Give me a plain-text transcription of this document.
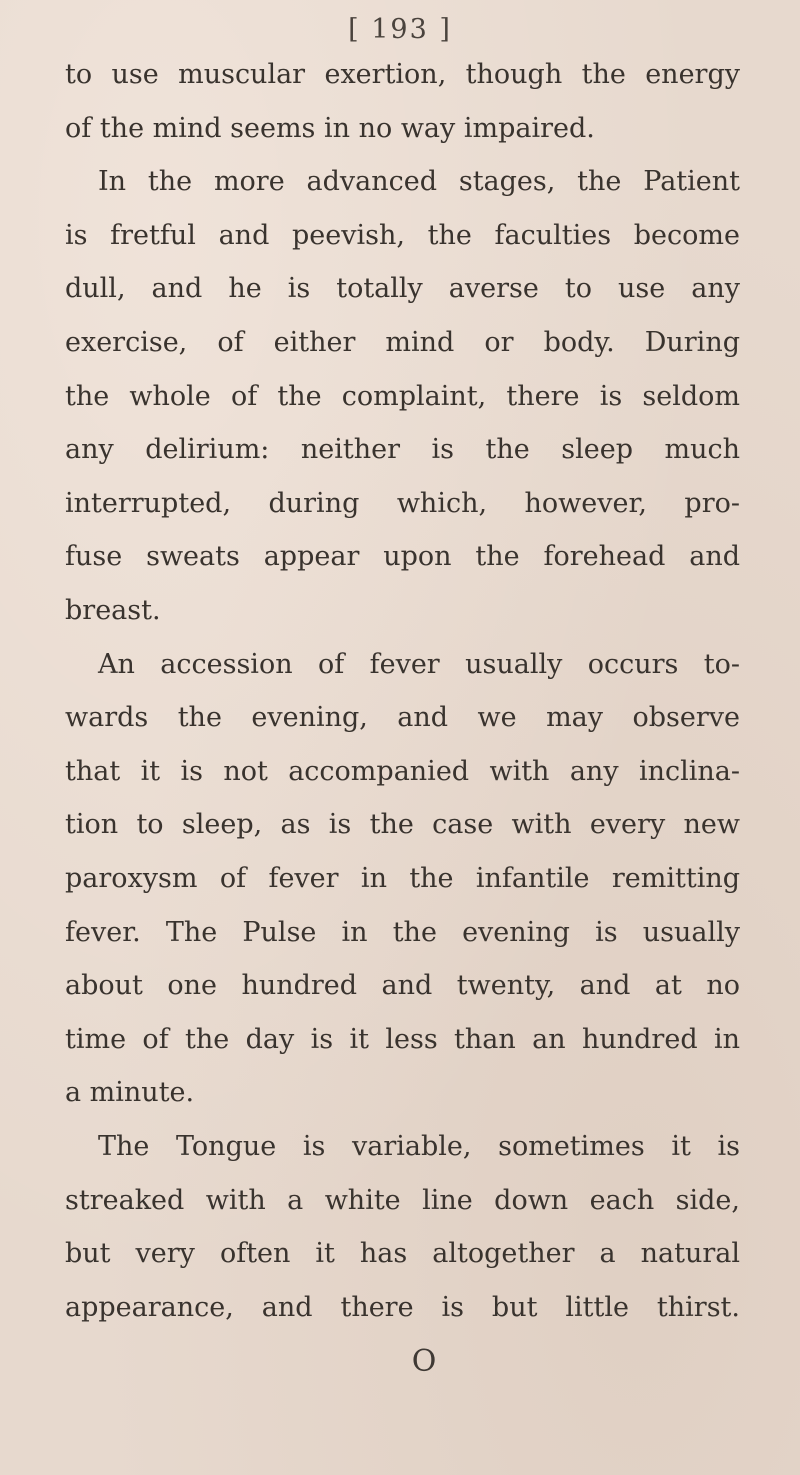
[ 193 ]
to use muscular exertion, though the energy
of the mind seems in no way impaired.
In the more advanced stages, the Patient
is fretful and peevish, the faculties become
dull, and he is totally averse to use any
exercise, of either mind or body. During
the whole of the complaint, there is seldom
any delirium: neither is the sleep much
interrupted, during which, however, pro-
fuse sweats appear upon the forehead and
breast.
An accession of fever usually occurs to-
wards the evening, and we may observe
that it is not accompanied with any inclina-
tion to sleep, as is the case with every new
paroxysm of fever in the infantile remitting
fever. The Pulse in the evening is usually
about one hundred and twenty, and at no
time of the day is it less than an hundred in
a minute.
The Tongue is variable, sometimes it is
streaked with a white line down each side,
but very often it has altogether a natural
appearance, and there is but little thirst.
O
